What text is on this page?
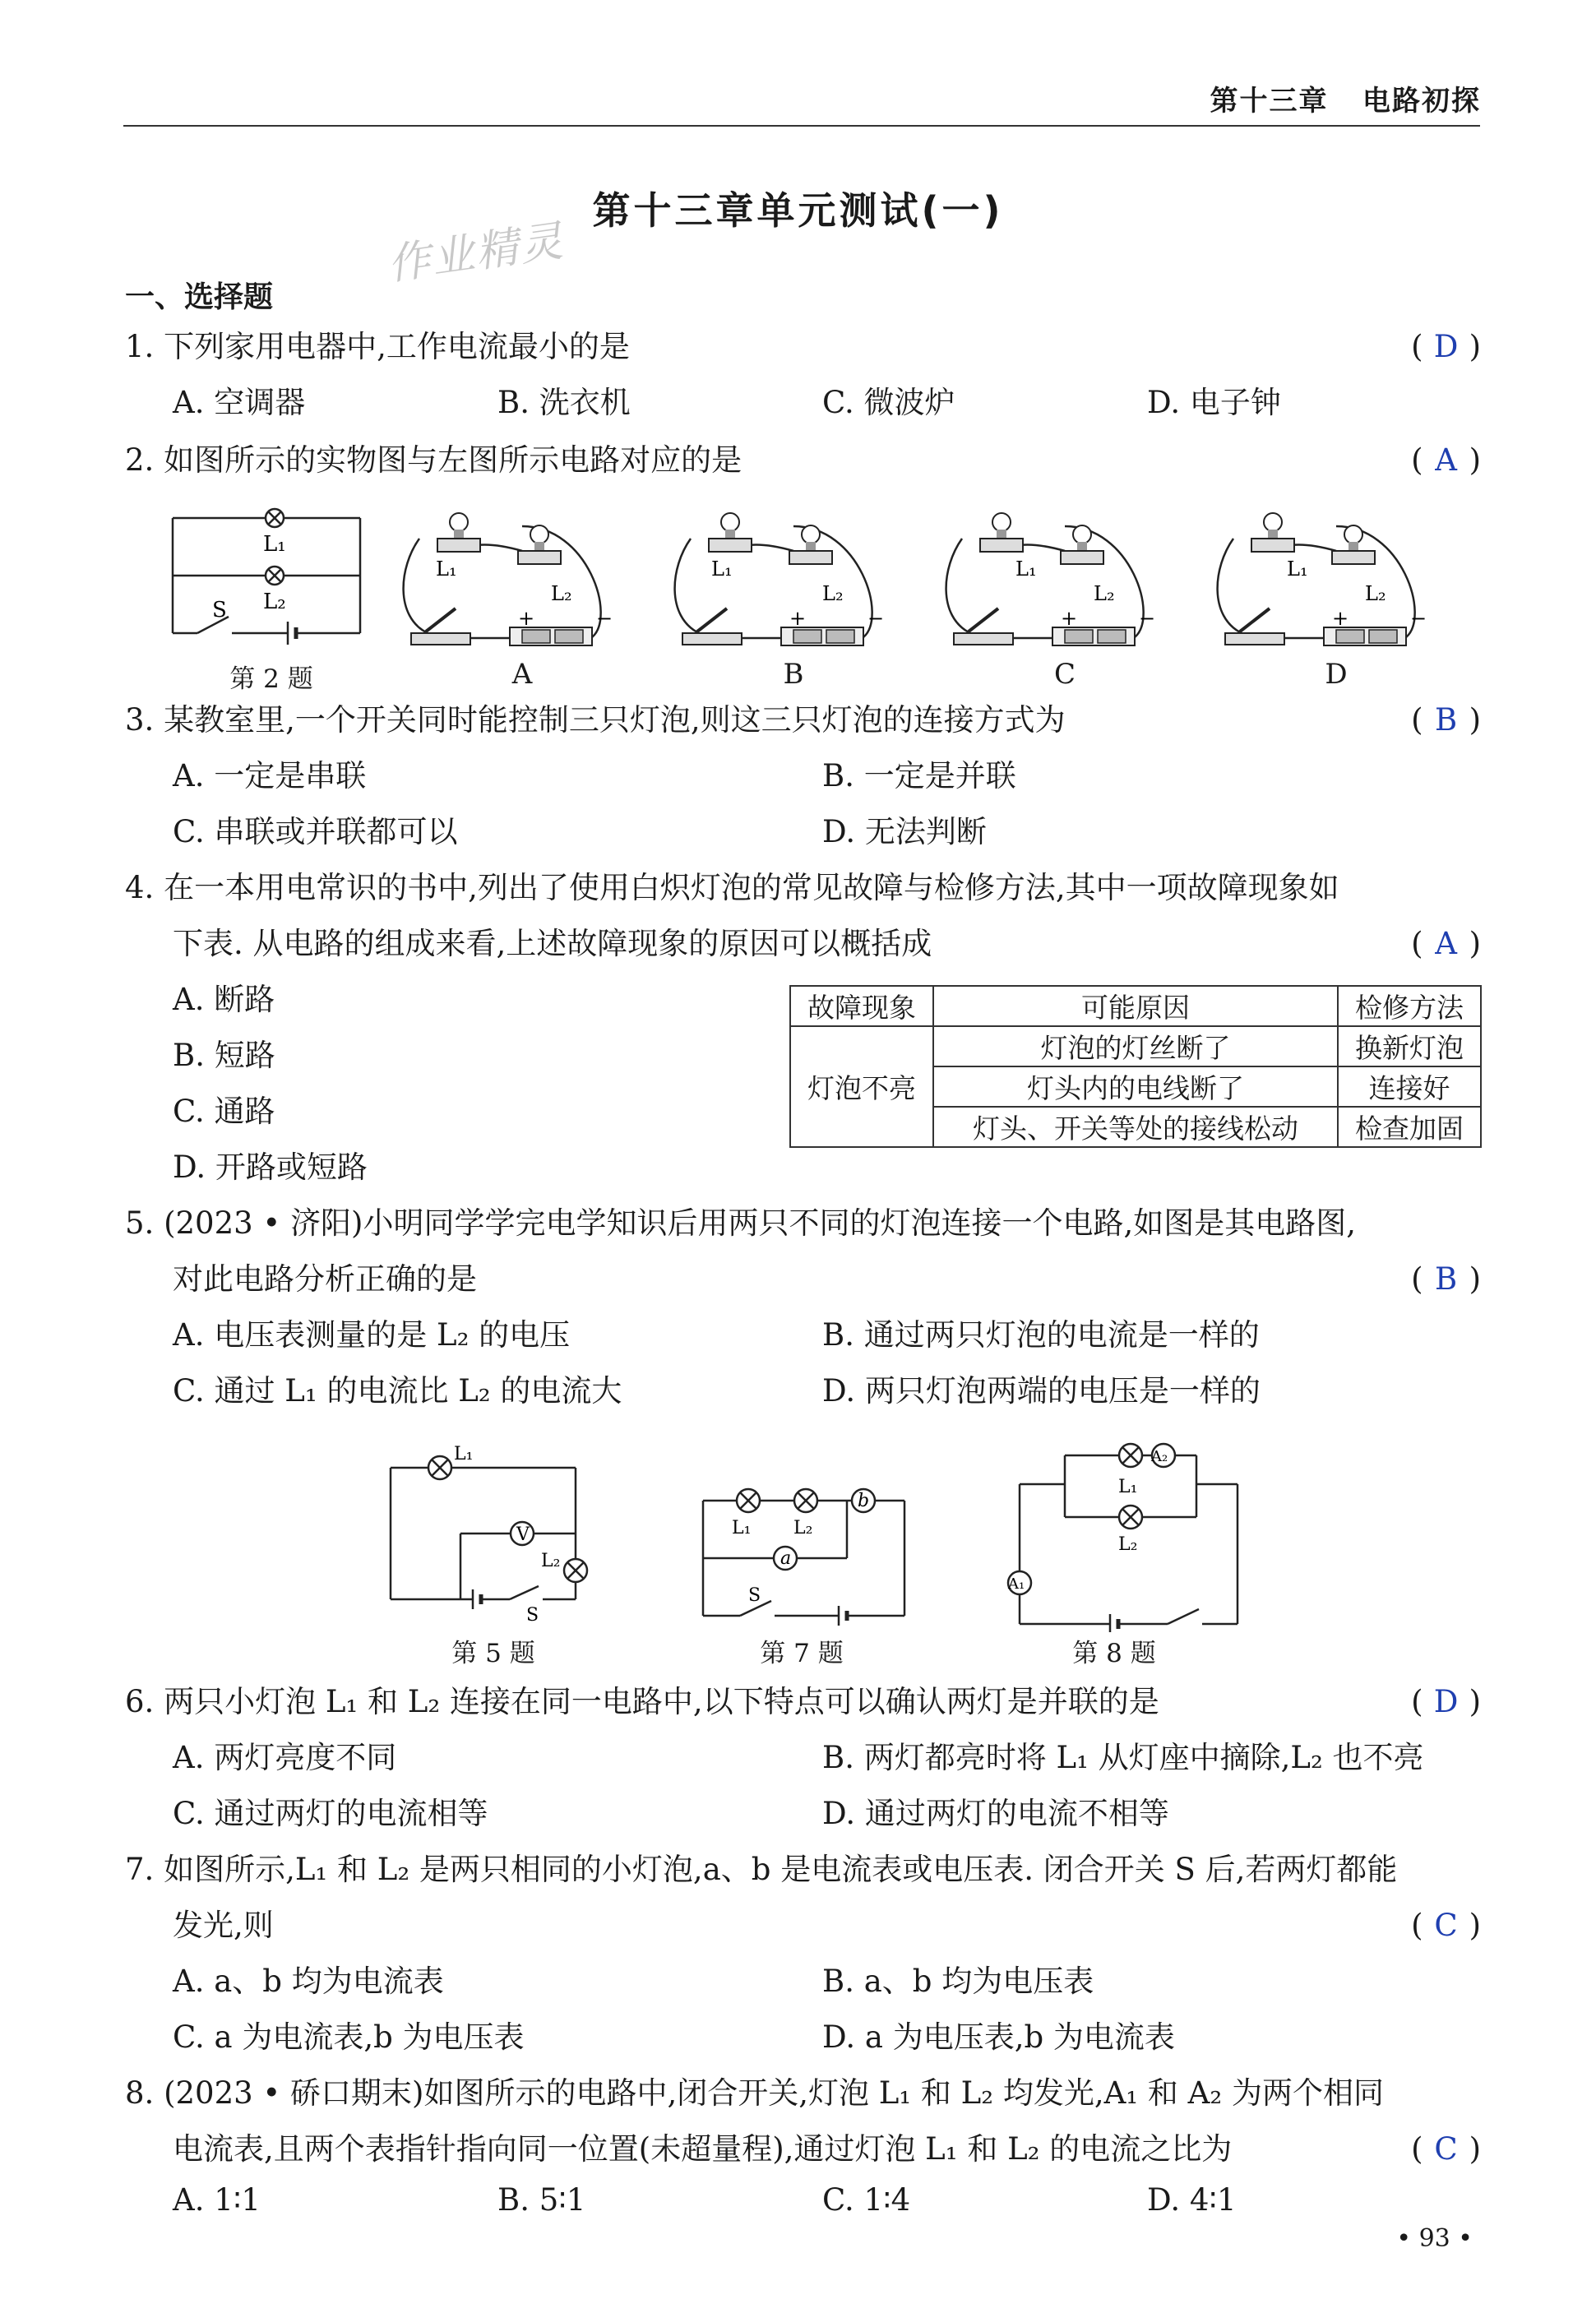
第十三章 电路初探
第十三章单元测试(一)
作业精灵
一、选择题
1. 下列家用电器中,工作电流最小的是	( D )
A. 空调器	B. 洗衣机	C. 微波炉	D. 电子钟
2. 如图所示的实物图与左图所示电路对应的是	( A )
L₁
L₂
S
第 2 题
L₁
L₂
+	−
L₁
L₂
+	−
L₁
L₂
+	−
L₁
L₂
+	−
A	B	C	D
3. 某教室里,一个开关同时能控制三只灯泡,则这三只灯泡的连接方式为	( B )
A. 一定是串联	B. 一定是并联
C. 串联或并联都可以	D. 无法判断
4. 在一本用电常识的书中,列出了使用白炽灯泡的常见故障与检修方法,其中一项故障现象如
下表. 从电路的组成来看,上述故障现象的原因可以概括成	( A )
A. 断路
B. 短路
C. 通路
D. 开路或短路
故障现象	可能原因	检修方法
灯泡不亮	灯泡的灯丝断了	换新灯泡
	灯头内的电线断了	连接好
	灯头、开关等处的接线松动	检查加固
5. (2023 • 济阳)小明同学学完电学知识后用两只不同的灯泡连接一个电路,如图是其电路图,
对此电路分析正确的是	( B )
A. 电压表测量的是 L₂ 的电压	B. 通过两只灯泡的电流是一样的
C. 通过 L₁ 的电流比 L₂ 的电流大	D. 两只灯泡两端的电压是一样的
L₁
V
L₂
S
L₁ L₂
b
a
S
A₂
L₁
L₂
A₁
第 5 题	第 7 题	第 8 题
6. 两只小灯泡 L₁ 和 L₂ 连接在同一电路中,以下特点可以确认两灯是并联的是	( D )
A. 两灯亮度不同	B. 两灯都亮时将 L₁ 从灯座中摘除,L₂ 也不亮
C. 通过两灯的电流相等	D. 通过两灯的电流不相等
7. 如图所示,L₁ 和 L₂ 是两只相同的小灯泡,a、b 是电流表或电压表. 闭合开关 S 后,若两灯都能
发光,则	( C )
A. a、b 均为电流表	B. a、b 均为电压表
C. a 为电流表,b 为电压表	D. a 为电压表,b 为电流表
8. (2023 • 硚口期末)如图所示的电路中,闭合开关,灯泡 L₁ 和 L₂ 均发光,A₁ 和 A₂ 为两个相同
电流表,且两个表指针指向同一位置(未超量程),通过灯泡 L₁ 和 L₂ 的电流之比为	( C )
A. 1∶1	B. 5∶1	C. 1∶4	D. 4∶1
• 93 •
